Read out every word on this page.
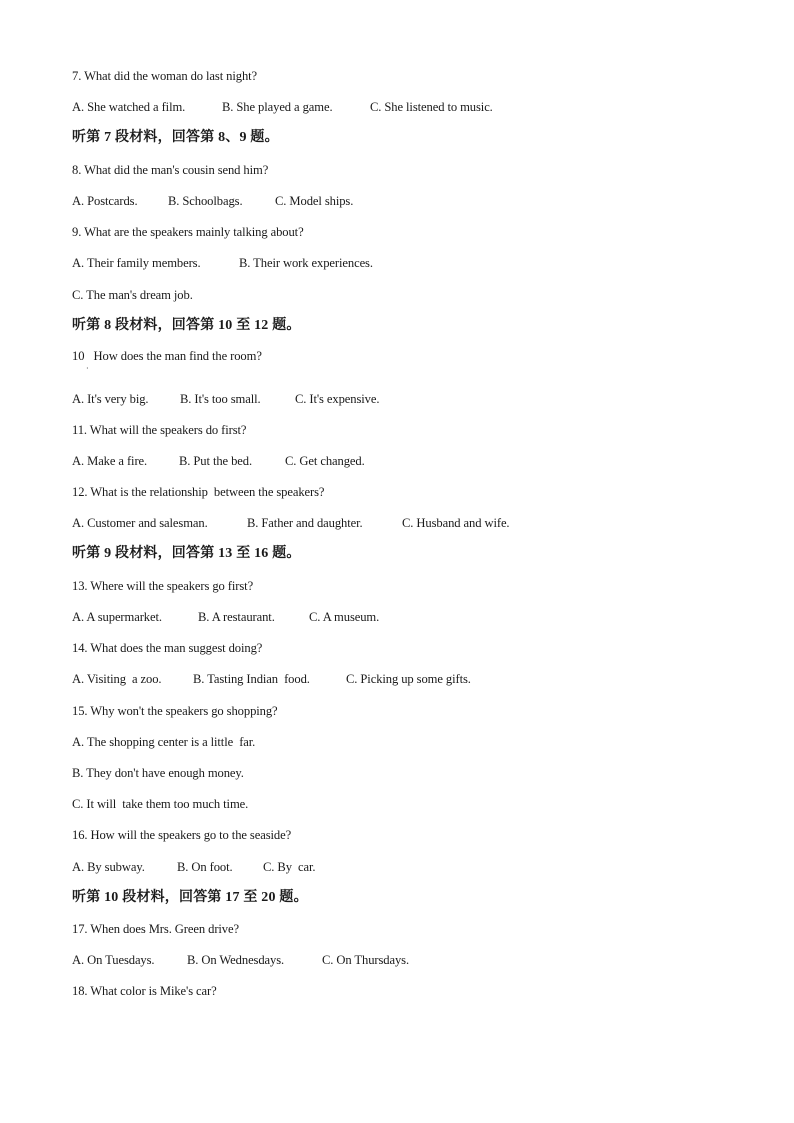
7. What did the woman do last night?
A. She watched a film.	B. She played a game.	C. She listened to music.
听第 7 段材料，回答第 8、9 题。
8. What did the man's cousin send him?
A. Postcards.	B. Schoolbags.	C. Model ships.
9. What are the speakers mainly talking about?
A. Their family members.	B. Their work experiences.
C. The man's dream job.
听第 8 段材料，回答第 10 至 12 题。
10   How does the man find the room?
·
A. It's very big.	B. It's too small.	C. It's expensive.
11. What will the speakers do first?
A. Make a fire.	B. Put the bed.	C. Get changed.
12. What is the relationship  between the speakers?
A. Customer and salesman.	B. Father and daughter.	C. Husband and wife.
听第 9 段材料，回答第 13 至 16 题。
13. Where will the speakers go first?
A. A supermarket.	B. A restaurant.	C. A museum.
14. What does the man suggest doing?
A. Visiting  a zoo.	B. Tasting Indian  food.	C. Picking up some gifts.
15. Why won't the speakers go shopping?
A. The shopping center is a little  far.
B. They don't have enough money.
C. It will  take them too much time.
16. How will the speakers go to the seaside?
A. By subway.	B. On foot.	C. By  car.
听第 10 段材料，回答第 17 至 20 题。
17. When does Mrs. Green drive?
A. On Tuesdays.	B. On Wednesdays.	C. On Thursdays.
18. What color is Mike's car?
